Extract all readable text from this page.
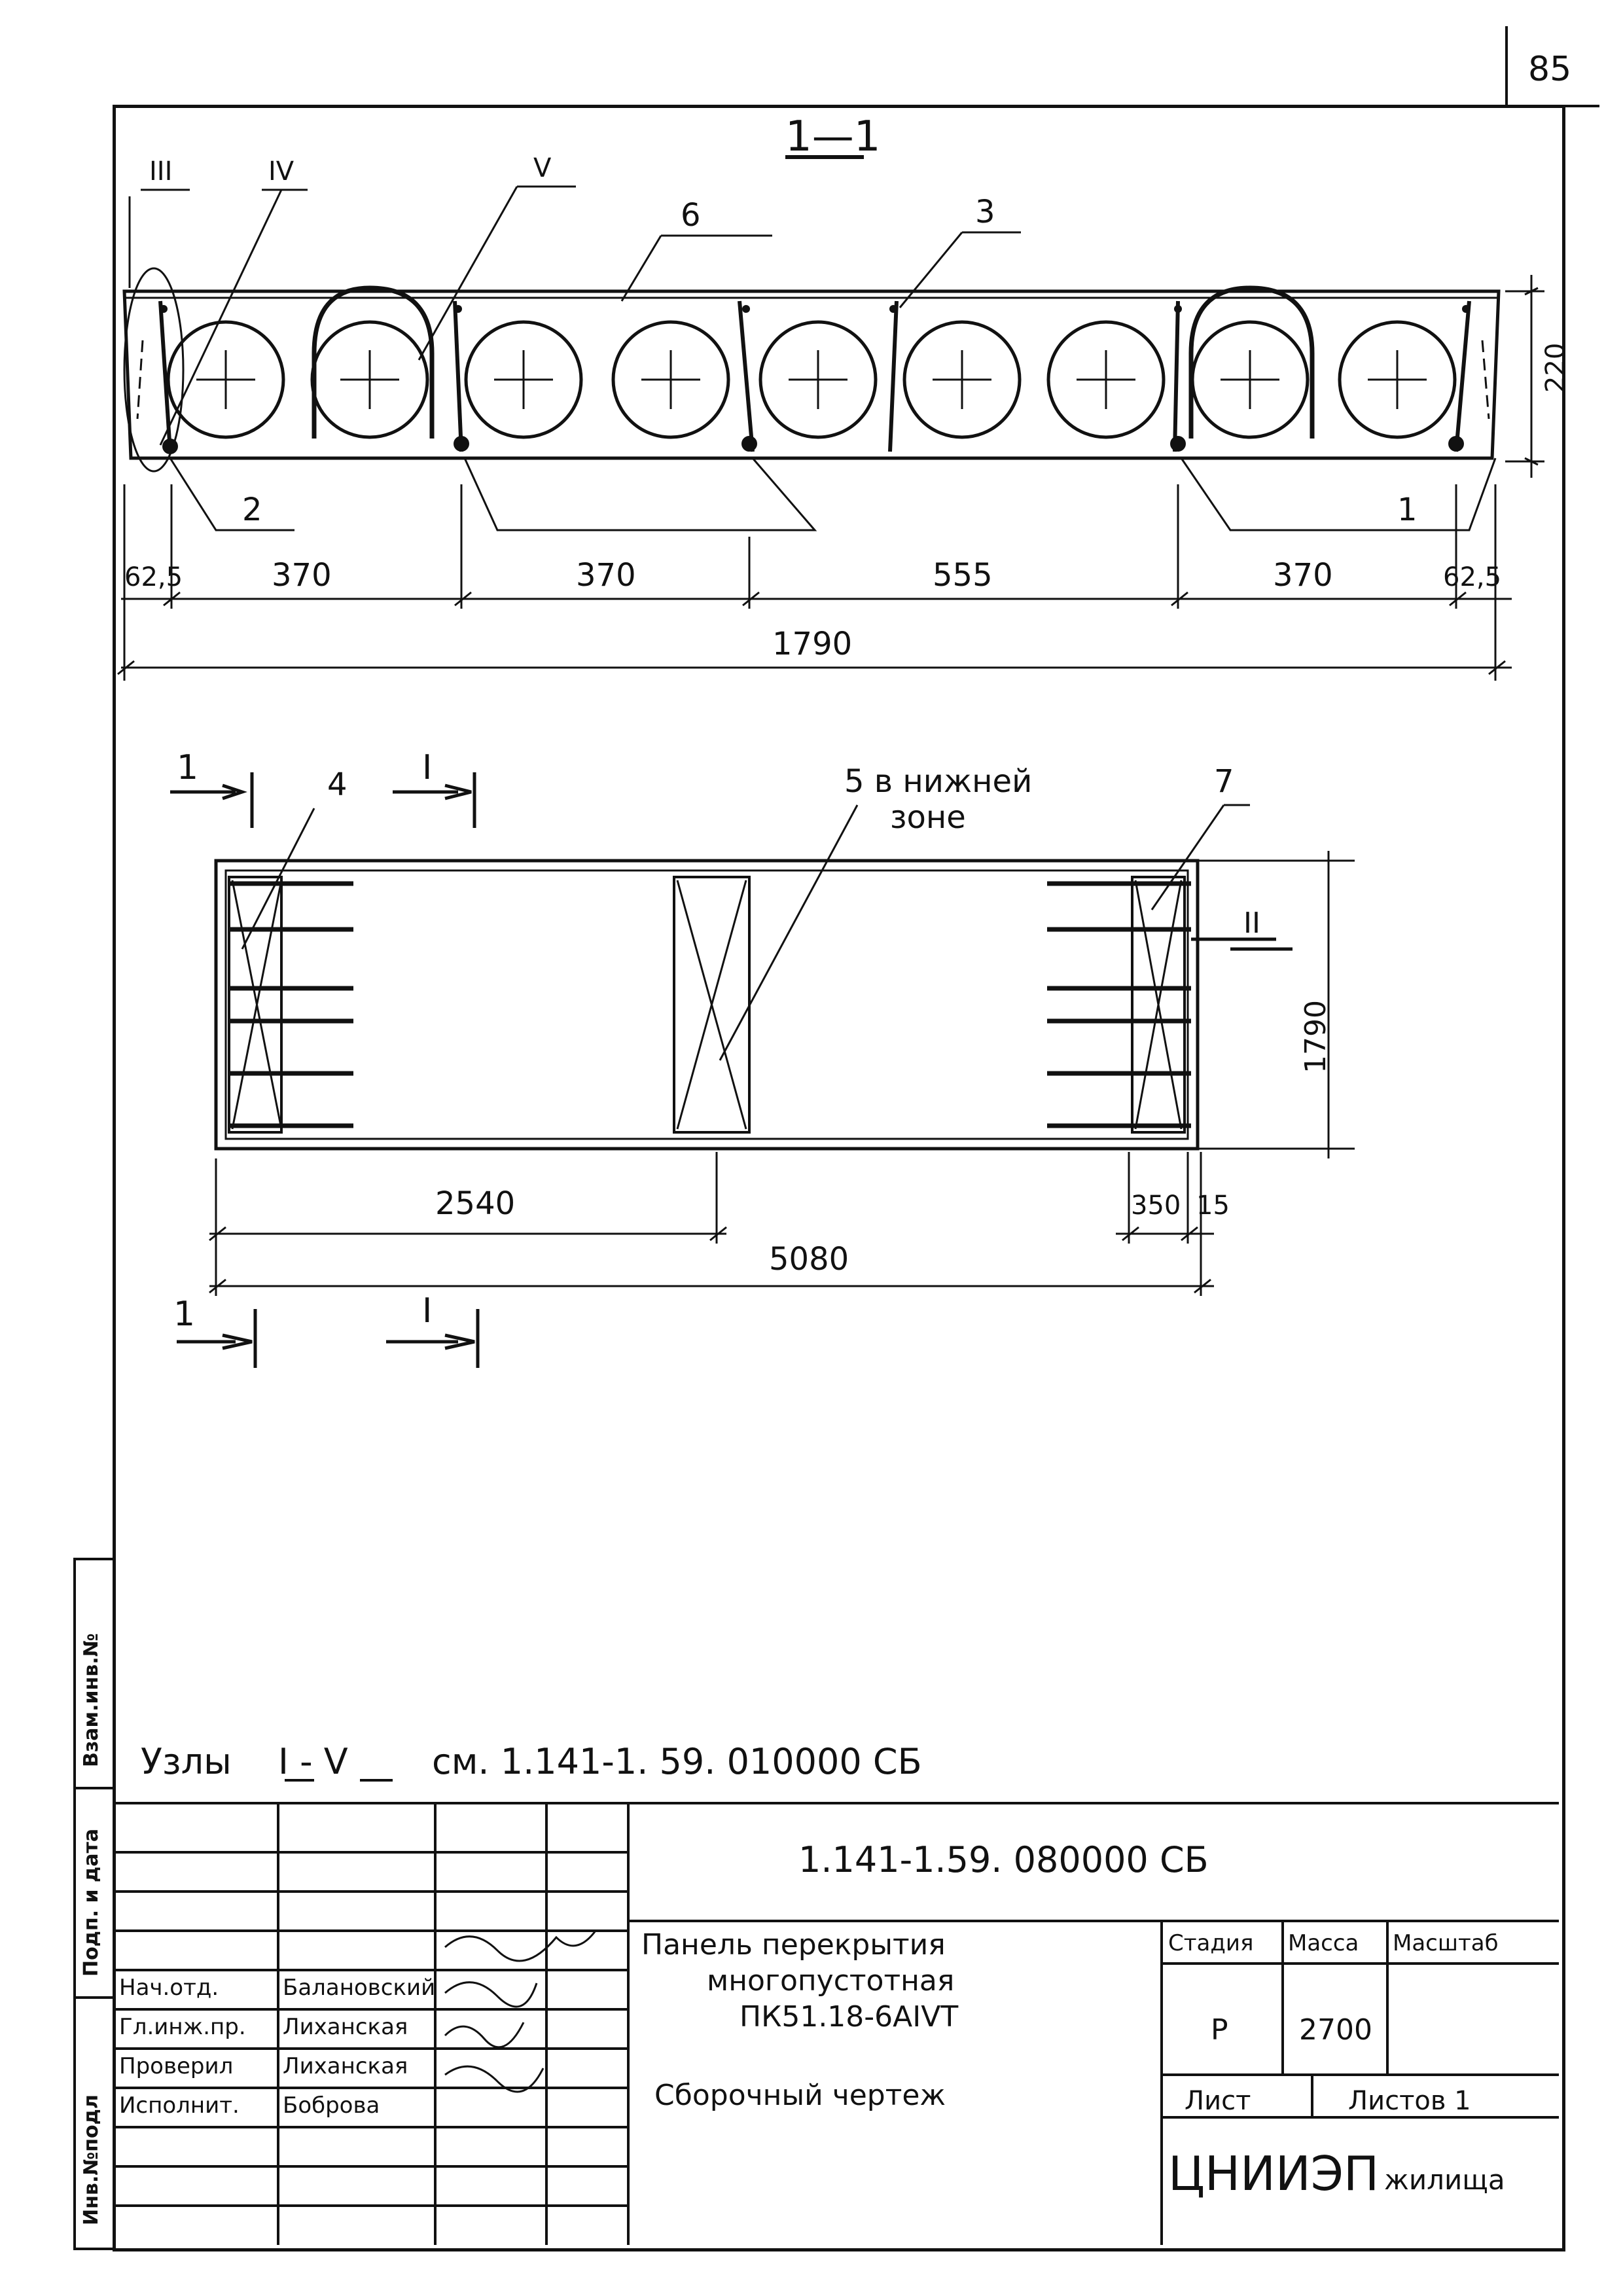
85
Инв.№подл
Подп. и дата
Взам.инв.№
1—1
III	IV	V
6	3
2	1
220
62,5	370	370	555	370	62,5
1790
1	I
4	5 в нижней
зоне
7
II
1790
2540	350 15
5080
1	I
Узлы I - V см. 1.141-1. 59. 010000 СБ
1.141-1.59. 080000 СБ
Панель перекрытия
многопустотная
ПК51.18-6АIVТ
Сборочный чертеж
Стадия Масса Масштаб
Р 2700
Лист	Листов 1
ЦНИИЭП жилища
Нач.отд.	Балановский
Гл.инж.пр. Лиханская
Проверил Лиханская
Исполнит. Боброва
